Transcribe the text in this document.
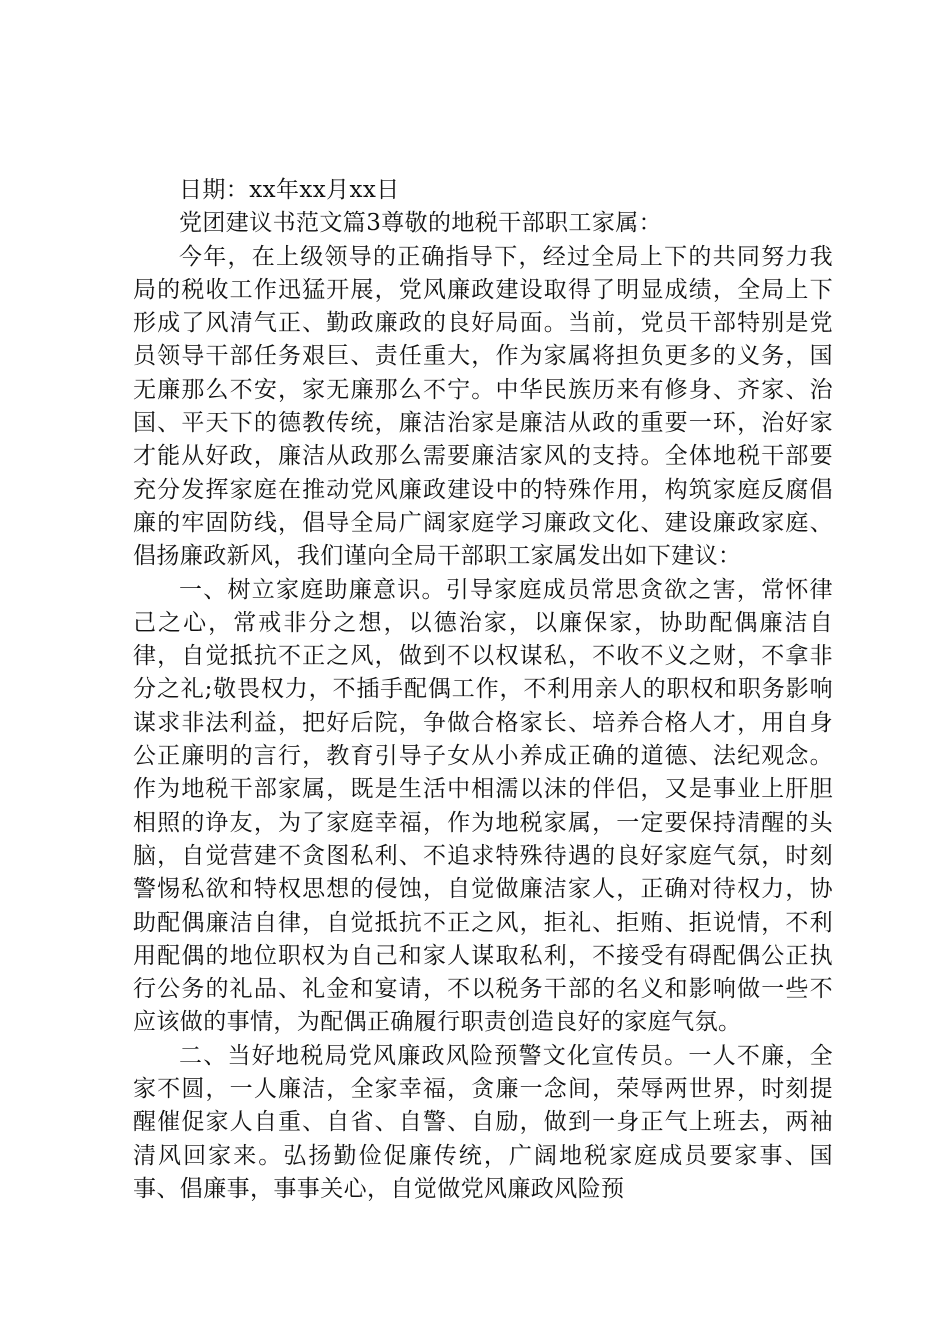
日期：xx年xx月xx日

党团建议书范文篇3尊敬的地税干部职工家属：

今年，在上级领导的正确指导下，经过全局上下的共同努力我局的税收工作迅猛开展，党风廉政建设取得了明显成绩，全局上下形成了风清气正、勤政廉政的良好局面。当前，党员干部特别是党员领导干部任务艰巨、责任重大，作为家属将担负更多的义务，国无廉那么不安，家无廉那么不宁。中华民族历来有修身、齐家、治国、平天下的德教传统，廉洁治家是廉洁从政的重要一环，治好家才能从好政，廉洁从政那么需要廉洁家风的支持。全体地税干部要充分发挥家庭在推动党风廉政建设中的特殊作用，构筑家庭反腐倡廉的牢固防线，倡导全局广阔家庭学习廉政文化、建设廉政家庭、倡扬廉政新风，我们谨向全局干部职工家属发出如下建议：

一、树立家庭助廉意识。引导家庭成员常思贪欲之害，常怀律己之心，常戒非分之想，以德治家，以廉保家，协助配偶廉洁自律，自觉抵抗不正之风，做到不以权谋私，不收不义之财，不拿非分之礼;敬畏权力，不插手配偶工作，不利用亲人的职权和职务影响谋求非法利益，把好后院，争做合格家长、培养合格人才，用自身公正廉明的言行，教育引导子女从小养成正确的道德、法纪观念。作为地税干部家属，既是生活中相濡以沫的伴侣，又是事业上肝胆相照的诤友，为了家庭幸福，作为地税家属，一定要保持清醒的头脑，自觉营建不贪图私利、不追求特殊待遇的良好家庭气氛，时刻警惕私欲和特权思想的侵蚀，自觉做廉洁家人，正确对待权力，协助配偶廉洁自律，自觉抵抗不正之风，拒礼、拒贿、拒说情，不利用配偶的地位职权为自己和家人谋取私利，不接受有碍配偶公正执行公务的礼品、礼金和宴请，不以税务干部的名义和影响做一些不应该做的事情，为配偶正确履行职责创造良好的家庭气氛。

二、当好地税局党风廉政风险预警文化宣传员。一人不廉，全家不圆，一人廉洁，全家幸福，贪廉一念间，荣辱两世界，时刻提醒催促家人自重、自省、自警、自励，做到一身正气上班去，两袖清风回家来。弘扬勤俭促廉传统，广阔地税家庭成员要家事、国事、倡廉事，事事关心，自觉做党风廉政风险预
